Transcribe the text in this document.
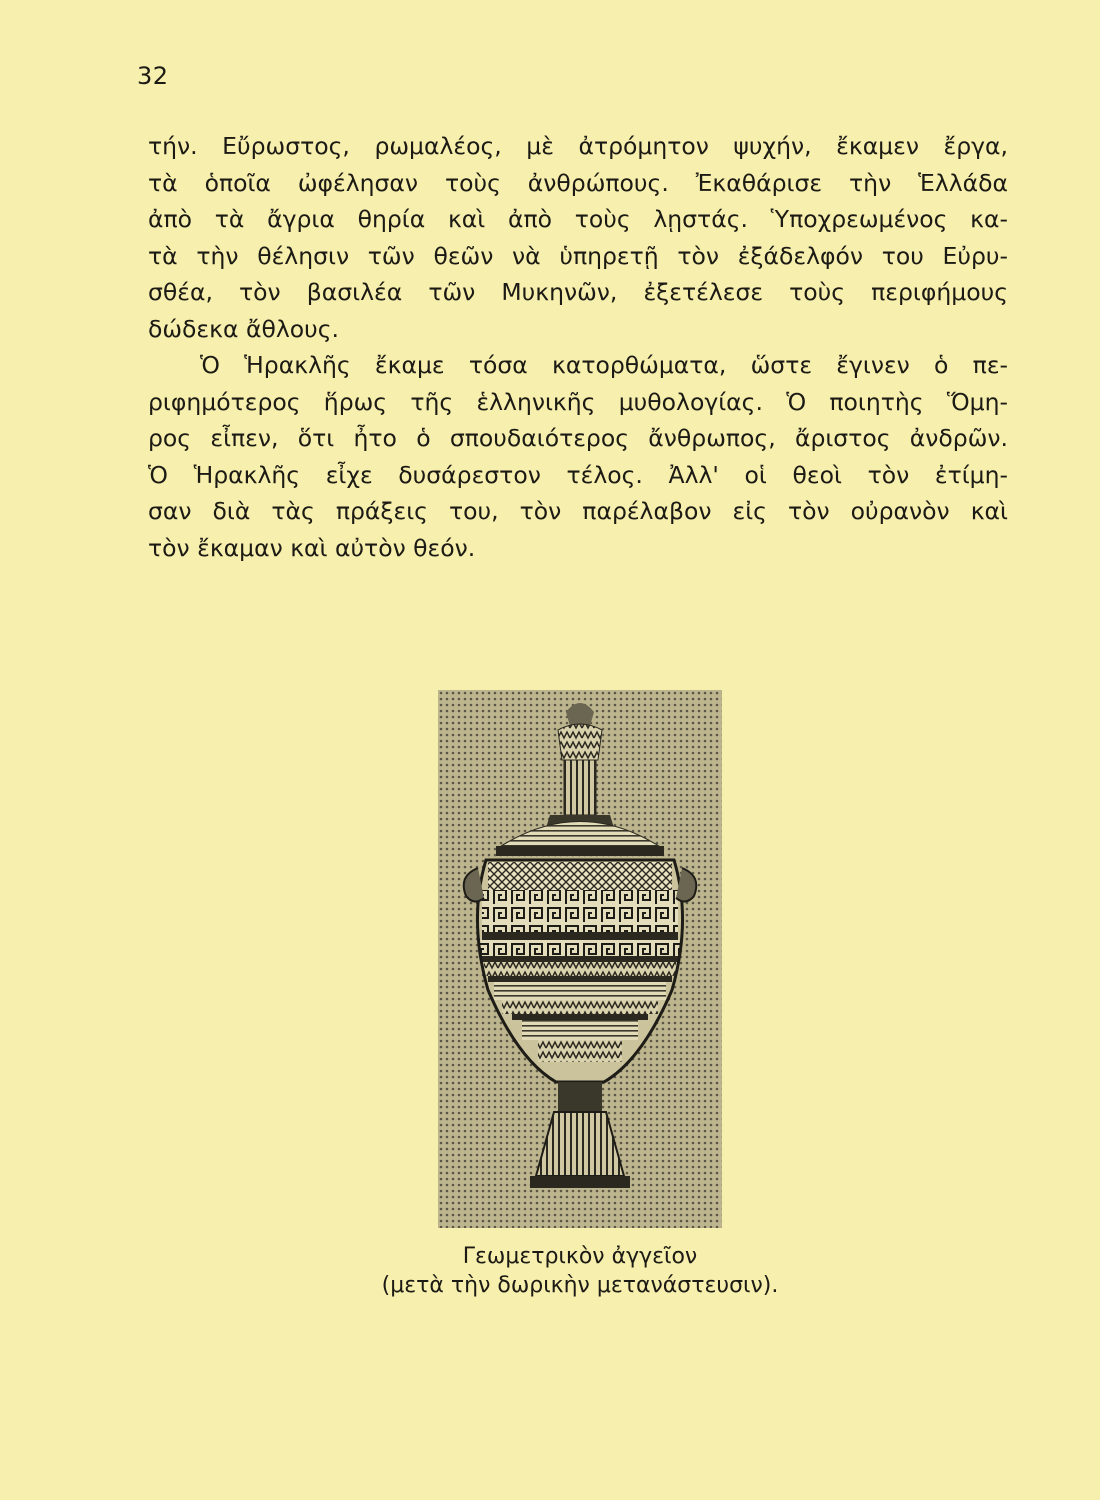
32
τήν. Εὔρωστος, ρωμαλέος, μὲ ἀτρόμητον ψυχήν, ἔκαμεν ἔργα,
τὰ ὁποῖα ὠφέλησαν τοὺς ἀνθρώπους. Ἐκαθάρισε τὴν Ἑλλάδα
ἀπὸ τὰ ἄγρια θηρία καὶ ἀπὸ τοὺς λῃστάς. Ὑποχρεωμένος κα-
τὰ τὴν θέλησιν τῶν θεῶν νὰ ὑπηρετῇ τὸν ἐξάδελφόν του Εὐρυ-
σθέα, τὸν βασιλέα τῶν Μυκηνῶν, ἐξετέλεσε τοὺς περιφήμους
δώδεκα ἄθλους.
Ὁ Ἡρακλῆς ἔκαμε τόσα κατορθώματα, ὥστε ἔγινεν ὁ πε-
ριφημότερος ἥρως τῆς ἑλληνικῆς μυθολογίας. Ὁ ποιητὴς Ὅμη-
ρος εἶπεν, ὅτι ἦτο ὁ σπουδαιότερος ἄνθρωπος, ἄριστος ἀνδρῶν.
Ὁ Ἡρακλῆς εἶχε δυσάρεστον τέλος. Ἀλλ' οἱ θεοὶ τὸν ἐτίμη-
σαν διὰ τὰς πράξεις του, τὸν παρέλαβον εἰς τὸν οὐρανὸν καὶ
τὸν ἔκαμαν καὶ αὐτὸν θεόν.
Γεωμετρικὸν ἀγγεῖον
(μετὰ τὴν δωρικὴν μετανάστευσιν).
